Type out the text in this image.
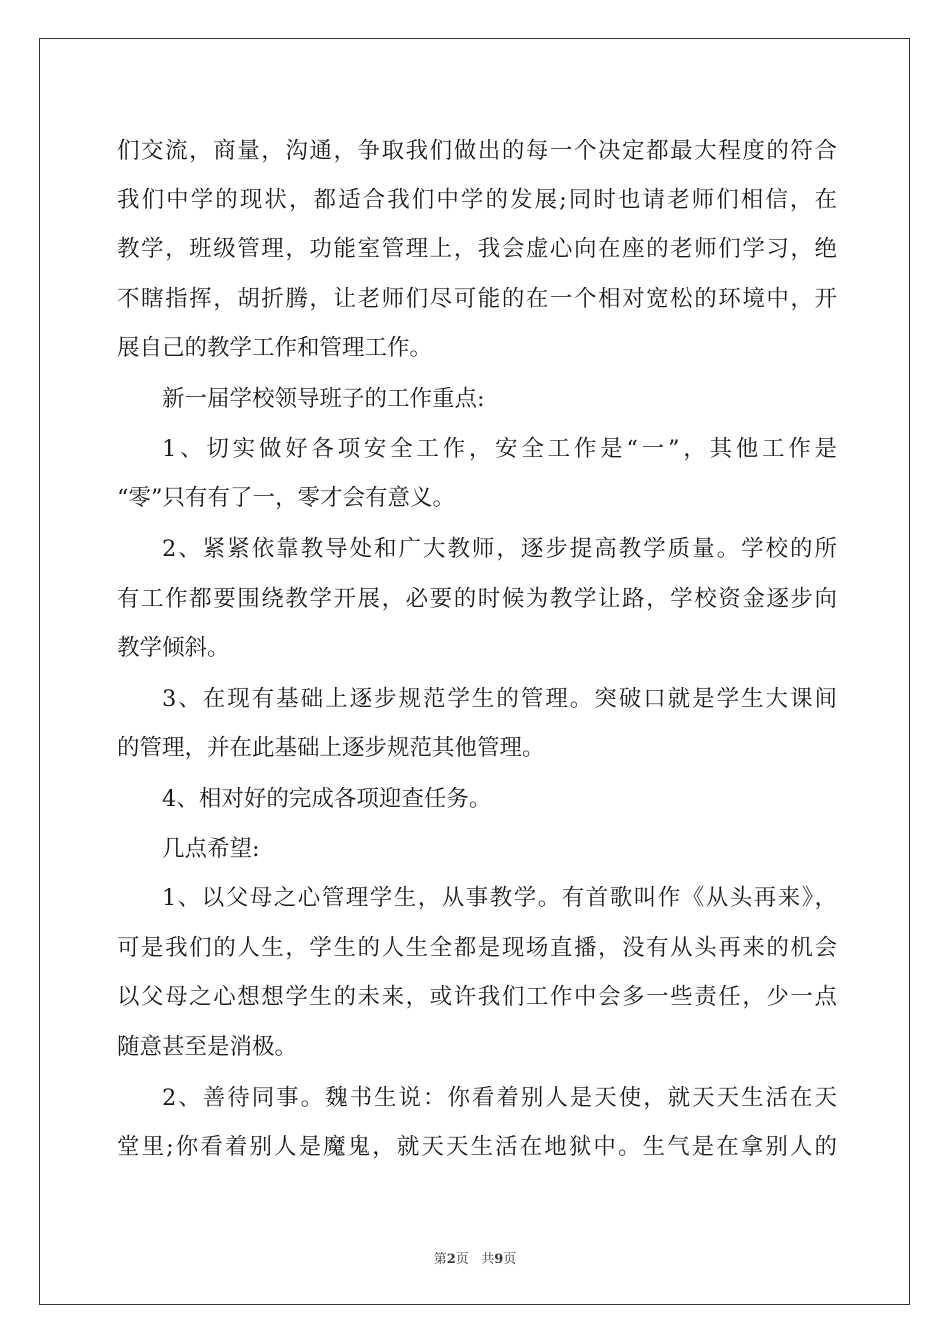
们交流，商量，沟通，争取我们做出的每一个决定都最大程度的符合
我们中学的现状，都适合我们中学的发展;同时也请老师们相信，在
教学，班级管理，功能室管理上，我会虚心向在座的老师们学习，绝
不瞎指挥，胡折腾，让老师们尽可能的在一个相对宽松的环境中，开
展自己的教学工作和管理工作。
新一届学校领导班子的工作重点:
1、切实做好各项安全工作，安全工作是“一”，其他工作是
“零”只有有了一，零才会有意义。
2、紧紧依靠教导处和广大教师，逐步提高教学质量。学校的所
有工作都要围绕教学开展，必要的时候为教学让路，学校资金逐步向
教学倾斜。
3、在现有基础上逐步规范学生的管理。突破口就是学生大课间
的管理，并在此基础上逐步规范其他管理。
4、相对好的完成各项迎查任务。
几点希望:
1、以父母之心管理学生，从事教学。有首歌叫作《从头再来》，
可是我们的人生，学生的人生全都是现场直播，没有从头再来的机会
以父母之心想想学生的未来，或许我们工作中会多一些责任，少一点
随意甚至是消极。
2、善待同事。魏书生说：你看着别人是天使，就天天生活在天
堂里;你看着别人是魔鬼，就天天生活在地狱中。生气是在拿别人的
第2页 共9页
